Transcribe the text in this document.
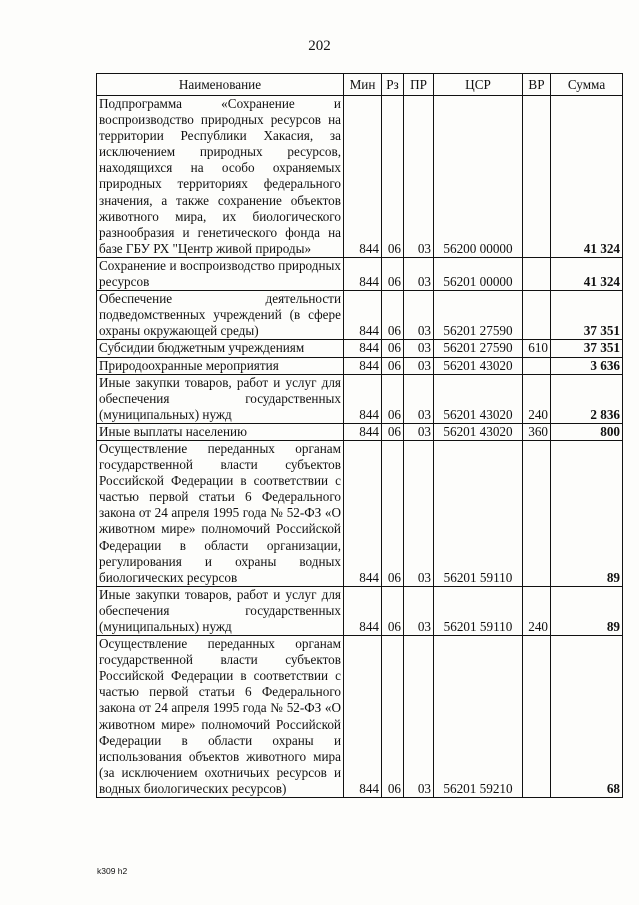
202
Наименование	Мин	Рз	ПР	ЦСР	ВР	Сумма
Подпрограмма «Сохранение и воспроизводство природных ресурсов на территории Республики Хакасия, за исключением природных ресурсов, находящихся на особо охраняемых природных территориях федерального значения, а также сохранение объектов животного мира, их биологического разнообразия и генетического фонда на базе ГБУ РХ "Центр живой природы»	844	06	03	56200 00000		41 324
Сохранение и воспроизводство природных ресурсов	844	06	03	56201 00000		41 324
Обеспечение деятельности подведомственных учреждений (в сфере охраны окружающей среды)	844	06	03	56201 27590		37 351
Субсидии бюджетным учреждениям	844	06	03	56201 27590	610	37 351
Природоохранные мероприятия	844	06	03	56201 43020		3 636
Иные закупки товаров, работ и услуг для обеспечения государственных (муниципальных) нужд	844	06	03	56201 43020	240	2 836
Иные выплаты населению	844	06	03	56201 43020	360	800
Осуществление переданных органам государственной власти субъектов Российской Федерации в соответствии с частью первой статьи 6 Федерального закона от 24 апреля 1995 года № 52-ФЗ «О животном мире» полномочий Российской Федерации в области организации, регулирования и охраны водных биологических ресурсов	844	06	03	56201 59110		89
Иные закупки товаров, работ и услуг для обеспечения государственных (муниципальных) нужд	844	06	03	56201 59110	240	89
Осуществление переданных органам государственной власти субъектов Российской Федерации в соответствии с частью первой статьи 6 Федерального закона от 24 апреля 1995 года № 52-ФЗ «О животном мире» полномочий Российской Федерации в области охраны и использования объектов животного мира (за исключением охотничьих ресурсов и водных биологических ресурсов)	844	06	03	56201 59210		68
k309 h2
